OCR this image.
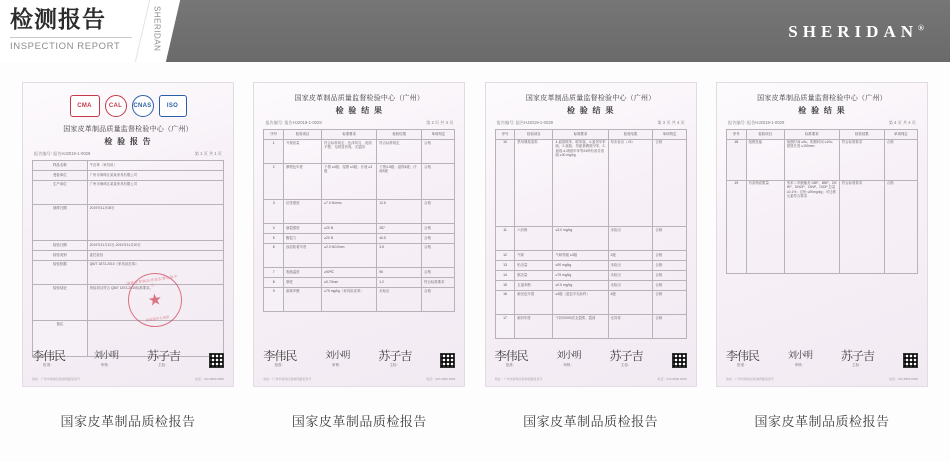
检测报告
INSPECTION REPORT	SHERIDAN	SHERIDAN®
CMA	CAL	CNAS	ISO
国家皮革制品质量监督检验中心（广州）
检 验 报 告
报告编号: 报告HJ2019-1-0029	第 1 页 共 1 页
样品名称	牛皮革（家具用）
受检单位	广州市海珠区某某家具有限公司
生产单位	广州市海珠区某某家具有限公司
抽样日期	2019年11月08日
检验日期	2019年11月12日-2019年11月20日
检验类别	委托检验
检验依据	QB/T 1873-2010《家具用皮革》
检验结论	所检项目符合 QB/T 1873-2010标准要求。
备注	
国家皮革制品质量监督检验中心
★
检验报告专用章
李伟民
批准：
刘小明
审核：
苏子吉
主检：
地址：广州市海珠区新港西路某某号	电话：020-8888 8888
国家皮革制品质检报告
国家皮革制品质量监督检验中心（广州）
检 验 结 果
报告编号: 报告HJ2019-1-0029	第 2 页 共 4 页
序号	检验项目	标准要求	检验结果	单项判定
1	外观质量	符合标准规定：色泽均匀、表面平整、无明显伤残、无裂面	符合标准规定	合格
2	摩擦色牢度	干擦 ≥4级；湿擦 ≥3级；汗液 ≥3级	干擦4-5级；湿擦4级；汗液4级	合格
3	抗张强度	≥7.0 N/mm²	12.6	合格
4	崩裂强度	≥20 N	287	合格
5	撕裂力	≥20 N	46.5	合格
6	涂层粘着牢度	≥2.0 N/10mm	3.8	合格
7	收缩温度	≥90℃	96	合格
8	厚度	≥0.70mm	1.2	符合标准要求
9	游离甲醛	≤75 mg/kg（家具用皮革）	未检出	合格
李伟民
批准：
刘小明
审核：
苏子吉
主检：
地址：广州市海珠区新港西路某某号	电话：020-8888 8888
国家皮革制品质检报告
国家皮革制品质量监督检验中心（广州）
检 验 结 果
报告编号: 报告HJ2019-1-0029	第 3 页 共 4 页
序号	检验项目	标准要求	检验结果	单项判定
10	禁用偶氮染料	4-氨基联苯、联苯胺、4-氯邻甲苯胺、2-萘胺、邻氨基偶氮甲苯、2-氨基-4-硝基甲苯等24种有害芳香胺 ≤30 mg/kg	均未检出（<5）	合格
11	六价铬	≤3.0 mg/kg	未检出	合格
12	气味	气味等级 ≤3级	2级	合格
13	铅含量	≤90 mg/kg	未检出	合格
14	镉含量	≤75 mg/kg	未检出	合格
15	五氯苯酚	≤0.5 mg/kg	未检出	合格
16	耐光色牢度	≥4级（蓝色羊毛标样）	4级	合格
17	耐折牢度	干折20000次无裂浆、裂面	无异常	合格
李伟民
批准：
刘小明
审核：
苏子吉
主检：
地址：广州市海珠区新港西路某某号	电话：020-8888 8888
国家皮革制品质检报告
国家皮革制品质量监督检验中心（广州）
检 验 结 果
报告编号: 报告HJ2019-1-0029	第 4 页 共 4 页
序号	检验项目	标准要求	检验结果	单项判定
18	阻燃性能	续燃时间 ≤5s；阴燃时间 ≤10s；损毁长度 ≤150mm	符合标准要求	合格
19	有害物质限量	邻苯二甲酸酯类 DBP、BBP、DEHP、DNOP、DINP、DIDP 总量 ≤0.1%；总铅 ≤90mg/kg；可迁移元素符合要求	符合标准要求	合格
李伟民
批准：
刘小明
审核：
苏子吉
主检：
地址：广州市海珠区新港西路某某号	电话：020-8888 8888
国家皮革制品质检报告
